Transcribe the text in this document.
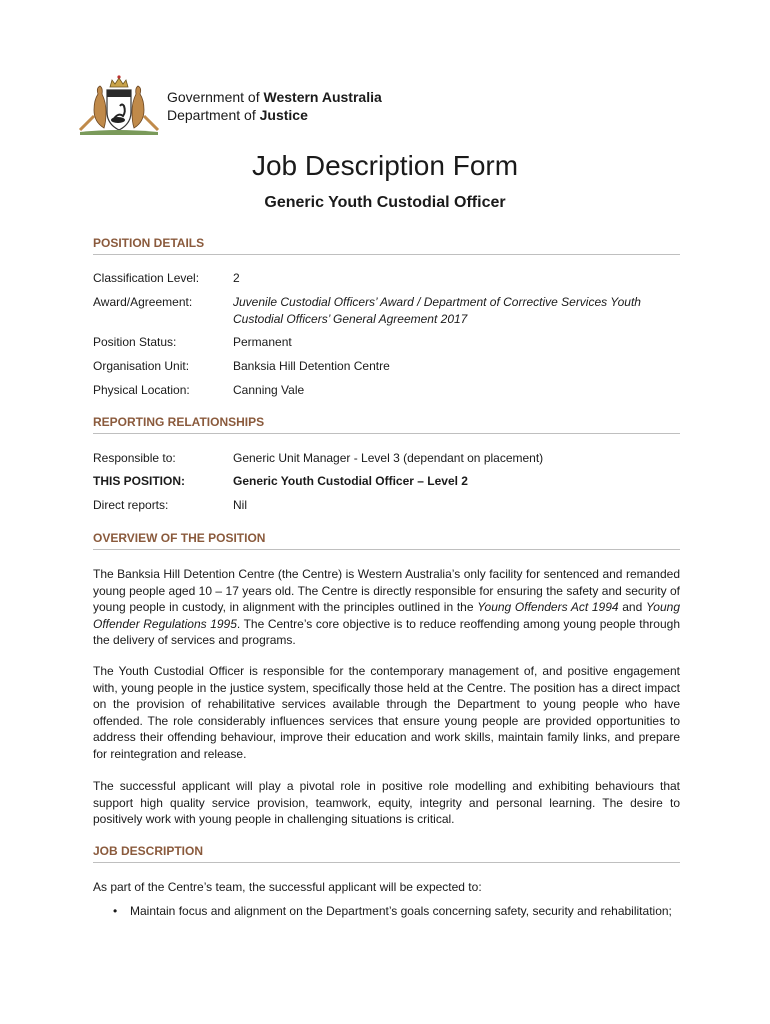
Government of Western Australia
Department of Justice
Job Description Form
Generic Youth Custodial Officer
POSITION DETAILS
Classification Level:	2
Award/Agreement:	Juvenile Custodial Officers’ Award / Department of Corrective Services Youth Custodial Officers’ General Agreement 2017
Position Status:	Permanent
Organisation Unit:	Banksia Hill Detention Centre
Physical Location:	Canning Vale
REPORTING RELATIONSHIPS
Responsible to:	Generic Unit Manager - Level 3 (dependant on placement)
THIS POSITION:	Generic Youth Custodial Officer – Level 2
Direct reports:	Nil
OVERVIEW OF THE POSITION
The Banksia Hill Detention Centre (the Centre) is Western Australia’s only facility for sentenced and remanded young people aged 10 – 17 years old. The Centre is directly responsible for ensuring the safety and security of young people in custody, in alignment with the principles outlined in the Young Offenders Act 1994 and Young Offender Regulations 1995. The Centre’s core objective is to reduce reoffending among young people through the delivery of services and programs.
The Youth Custodial Officer is responsible for the contemporary management of, and positive engagement with, young people in the justice system, specifically those held at the Centre. The position has a direct impact on the provision of rehabilitative services available through the Department to young people who have offended. The role considerably influences services that ensure young people are provided opportunities to address their offending behaviour, improve their education and work skills, maintain family links, and prepare for reintegration and release.
The successful applicant will play a pivotal role in positive role modelling and exhibiting behaviours that support high quality service provision, teamwork, equity, integrity and personal learning. The desire to positively work with young people in challenging situations is critical.
JOB DESCRIPTION
As part of the Centre’s team, the successful applicant will be expected to:
• Maintain focus and alignment on the Department’s goals concerning safety, security and rehabilitation;
